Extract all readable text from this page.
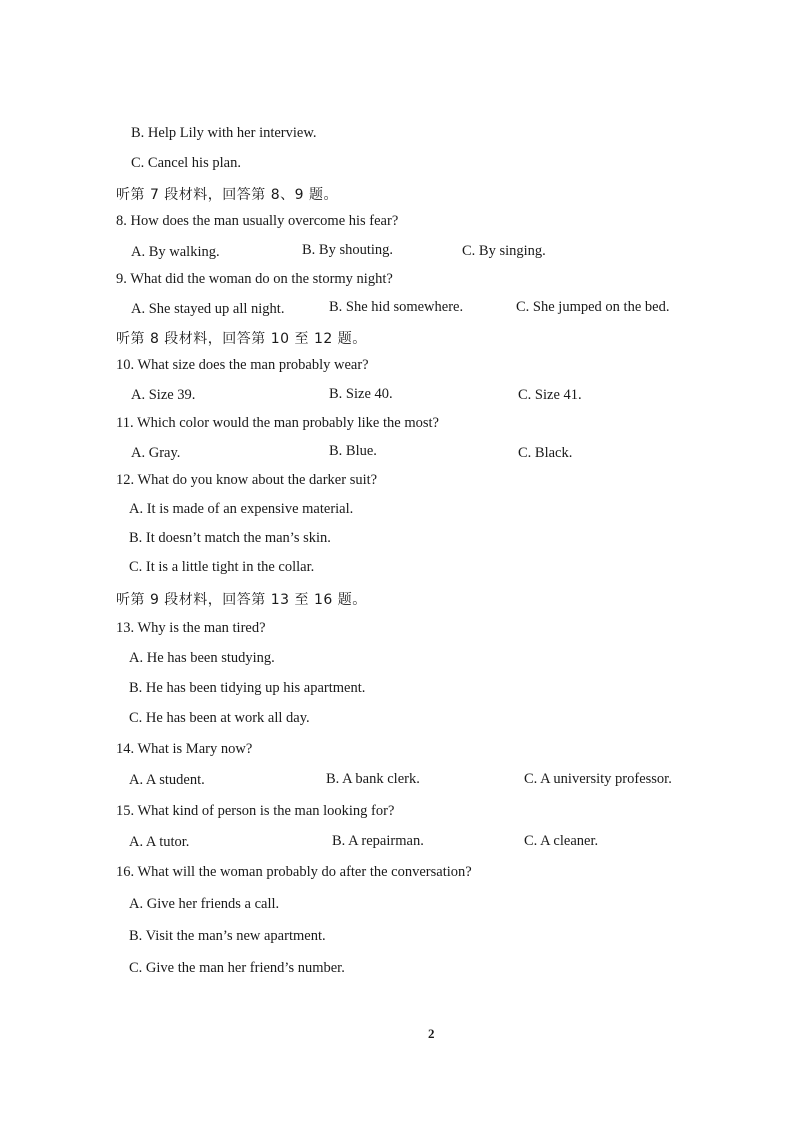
B. Help Lily with her interview.
C. Cancel his plan.
听第 7 段材料，回答第 8、9 题。
8. How does the man usually overcome his fear?
A. By walking.	B. By shouting.	C. By singing.
9. What did the woman do on the stormy night?
A. She stayed up all night.	B. She hid somewhere.	C. She jumped on the bed.
听第 8 段材料，回答第 10 至 12 题。
10. What size does the man probably wear?
A. Size 39.	B. Size 40.	C. Size 41.
11. Which color would the man probably like the most?
A. Gray.	B. Blue.	C. Black.
12. What do you know about the darker suit?
A. It is made of an expensive material.
B. It doesn’t match the man’s skin.
C. It is a little tight in the collar.
听第 9 段材料，回答第 13 至 16 题。
13. Why is the man tired?
A. He has been studying.
B. He has been tidying up his apartment.
C. He has been at work all day.
14. What is Mary now?
A. A student.	B. A bank clerk.	C. A university professor.
15. What kind of person is the man looking for?
A. A tutor.	B. A repairman.	C. A cleaner.
16. What will the woman probably do after the conversation?
A. Give her friends a call.
B. Visit the man’s new apartment.
C. Give the man her friend’s number.
2
